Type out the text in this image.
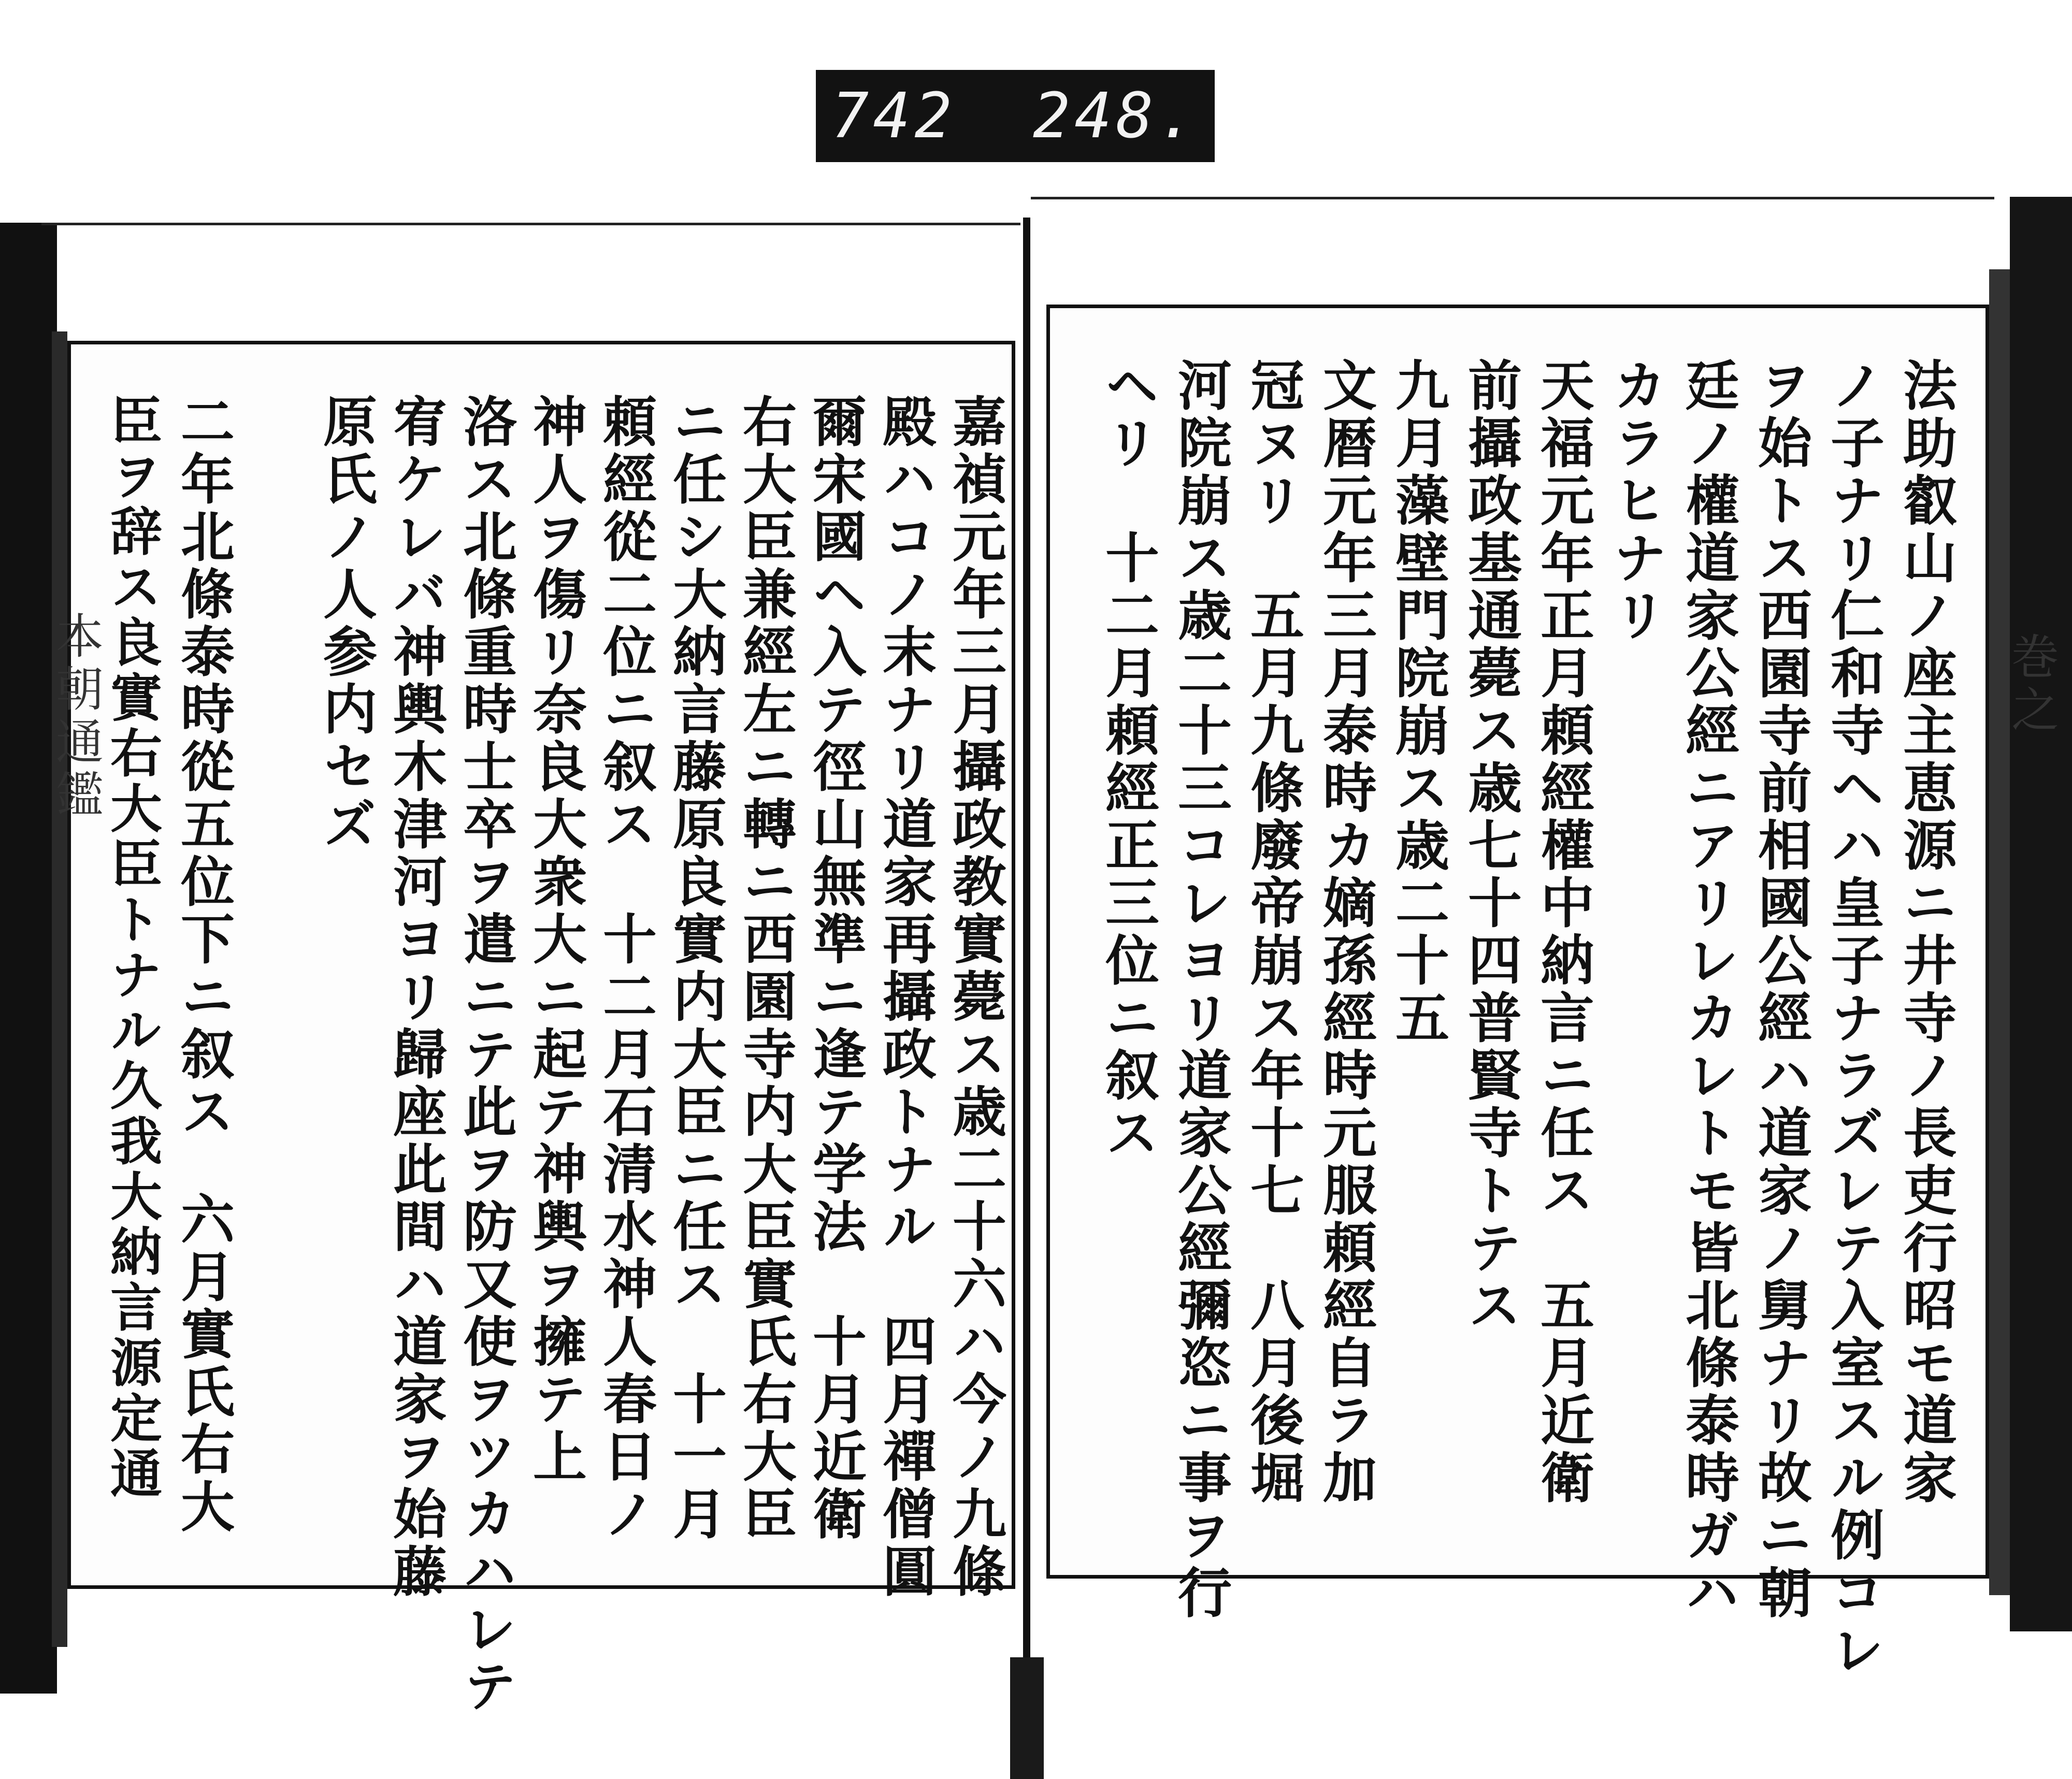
本朝通鑑	巻之
法助叡山ノ座主恵源ニ井寺ノ長吏行昭モ道家
ノ子ナリ仁和寺ヘハ皇子ナラズレテ入室スル例コレ
ヲ始トス西園寺前相國公經ハ道家ノ舅ナリ故ニ朝
廷ノ權道家公經ニアリレカレトモ皆北條泰時ガハ
カラヒナリ
天福元年正月頼經權中納言ニ任ス　五月近衛
前攝政基通薨ス歳七十四普賢寺トテス
九月藻壁門院崩ス歳二十五
文暦元年三月泰時カ嫡孫經時元服頼經自ラ加
冠ヌリ　五月九條廢帝崩ス年十七　八月後堀
河院崩ス歳二十三コレヨリ道家公經彌恣ニ事ヲ行
ヘリ　十二月頼經正三位ニ叙ス
嘉禎元年三月攝政教實薨ス歳二十六ハ今ノ九條
殿ハコノ末ナリ道家再攝政トナル　四月禪僧圓
爾宋國ヘ入テ徑山無準ニ逢テ学法　十月近衛
右大臣兼經左ニ轉ニ西園寺内大臣實氏右大臣
ニ任シ大納言藤原良實内大臣ニ任ス　十一月
頼經從二位ニ叙ス　十二月石清水神人春日ノ
神人ヲ傷リ奈良大衆大ニ起テ神輿ヲ擁テ上
洛ス北條重時士卒ヲ遣ニテ此ヲ防又使ヲツカハレテ
宥ケレバ神輿木津河ヨリ歸座此間ハ道家ヲ始藤
原氏ノ人参内セズ
二年北條泰時從五位下ニ叙ス
六月實氏右大
臣ヲ辞ス良實右大臣トナル久我大納言源定通
742 248.
